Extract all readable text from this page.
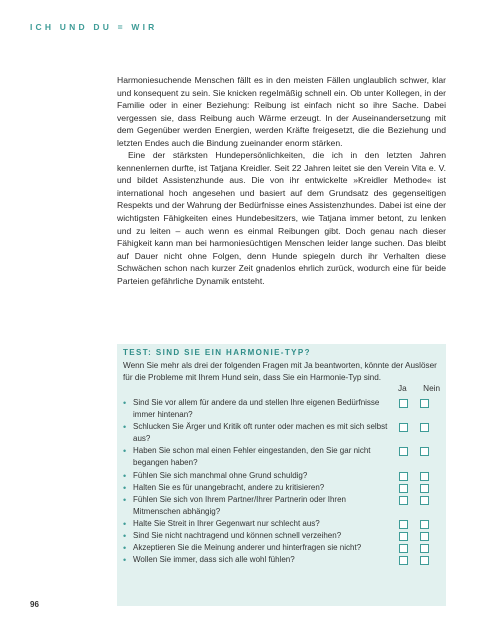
ICH UND DU = WIR

Harmoniesuchende Menschen fällt es in den meisten Fällen unglaublich schwer, klar und konsequent zu sein. Sie knicken regelmäßig schnell ein. Ob unter Kollegen, in der Familie oder in einer Beziehung: Reibung ist einfach nicht so ihre Sache. Dabei vergessen sie, dass Reibung auch Wärme erzeugt. In der Auseinandersetzung mit dem Gegenüber werden Energien, werden Kräfte freigesetzt, die die Beziehung und letzten Endes auch die Bindung zueinander enorm stärken.

Eine der stärksten Hundepersönlichkeiten, die ich in den letzten Jahren kennenlernen durfte, ist Tatjana Kreidler. Seit 22 Jahren leitet sie den Verein Vita e. V. und bildet Assistenzhunde aus. Die von ihr entwickelte »Kreidler Methode« ist international hoch angesehen und basiert auf dem Grundsatz des gegenseitigen Respekts und der Wahrung der Bedürfnisse eines Assistenzhundes. Dabei ist eine der wichtigsten Fähigkeiten eines Hundebesitzers, wie Tatjana immer betont, zu lenken und zu leiten – auch wenn es einmal Reibungen gibt. Doch genau nach dieser Fähigkeit kann man bei harmoniesüchtigen Menschen leider lange suchen. Das bleibt auf Dauer nicht ohne Folgen, denn Hunde spiegeln durch ihr Verhalten diese Schwächen schon nach kurzer Zeit gnadenlos ehrlich zurück, wodurch eine für beide Parteien gefährliche Dynamik entsteht.

TEST: SIND SIE EIN HARMONIE-TYP?
Wenn Sie mehr als drei der folgenden Fragen mit Ja beantworten, könnte der Auslöser für die Probleme mit Ihrem Hund sein, dass Sie ein Harmonie-Typ sind.
Ja Nein
• Sind Sie vor allem für andere da und stellen Ihre eigenen Bedürfnisse immer hintenan?
• Schlucken Sie Ärger und Kritik oft runter oder machen es mit sich selbst aus?
• Haben Sie schon mal einen Fehler eingestanden, den Sie gar nicht begangen haben?
• Fühlen Sie sich manchmal ohne Grund schuldig?
• Halten Sie es für unangebracht, andere zu kritisieren?
• Fühlen Sie sich von Ihrem Partner/Ihrer Partnerin oder Ihren Mitmenschen abhängig?
• Halte Sie Streit in Ihrer Gegenwart nur schlecht aus?
• Sind Sie nicht nachtragend und können schnell verzeihen?
• Akzeptieren Sie die Meinung anderer und hinterfragen sie nicht?
• Wollen Sie immer, dass sich alle wohl fühlen?
96
